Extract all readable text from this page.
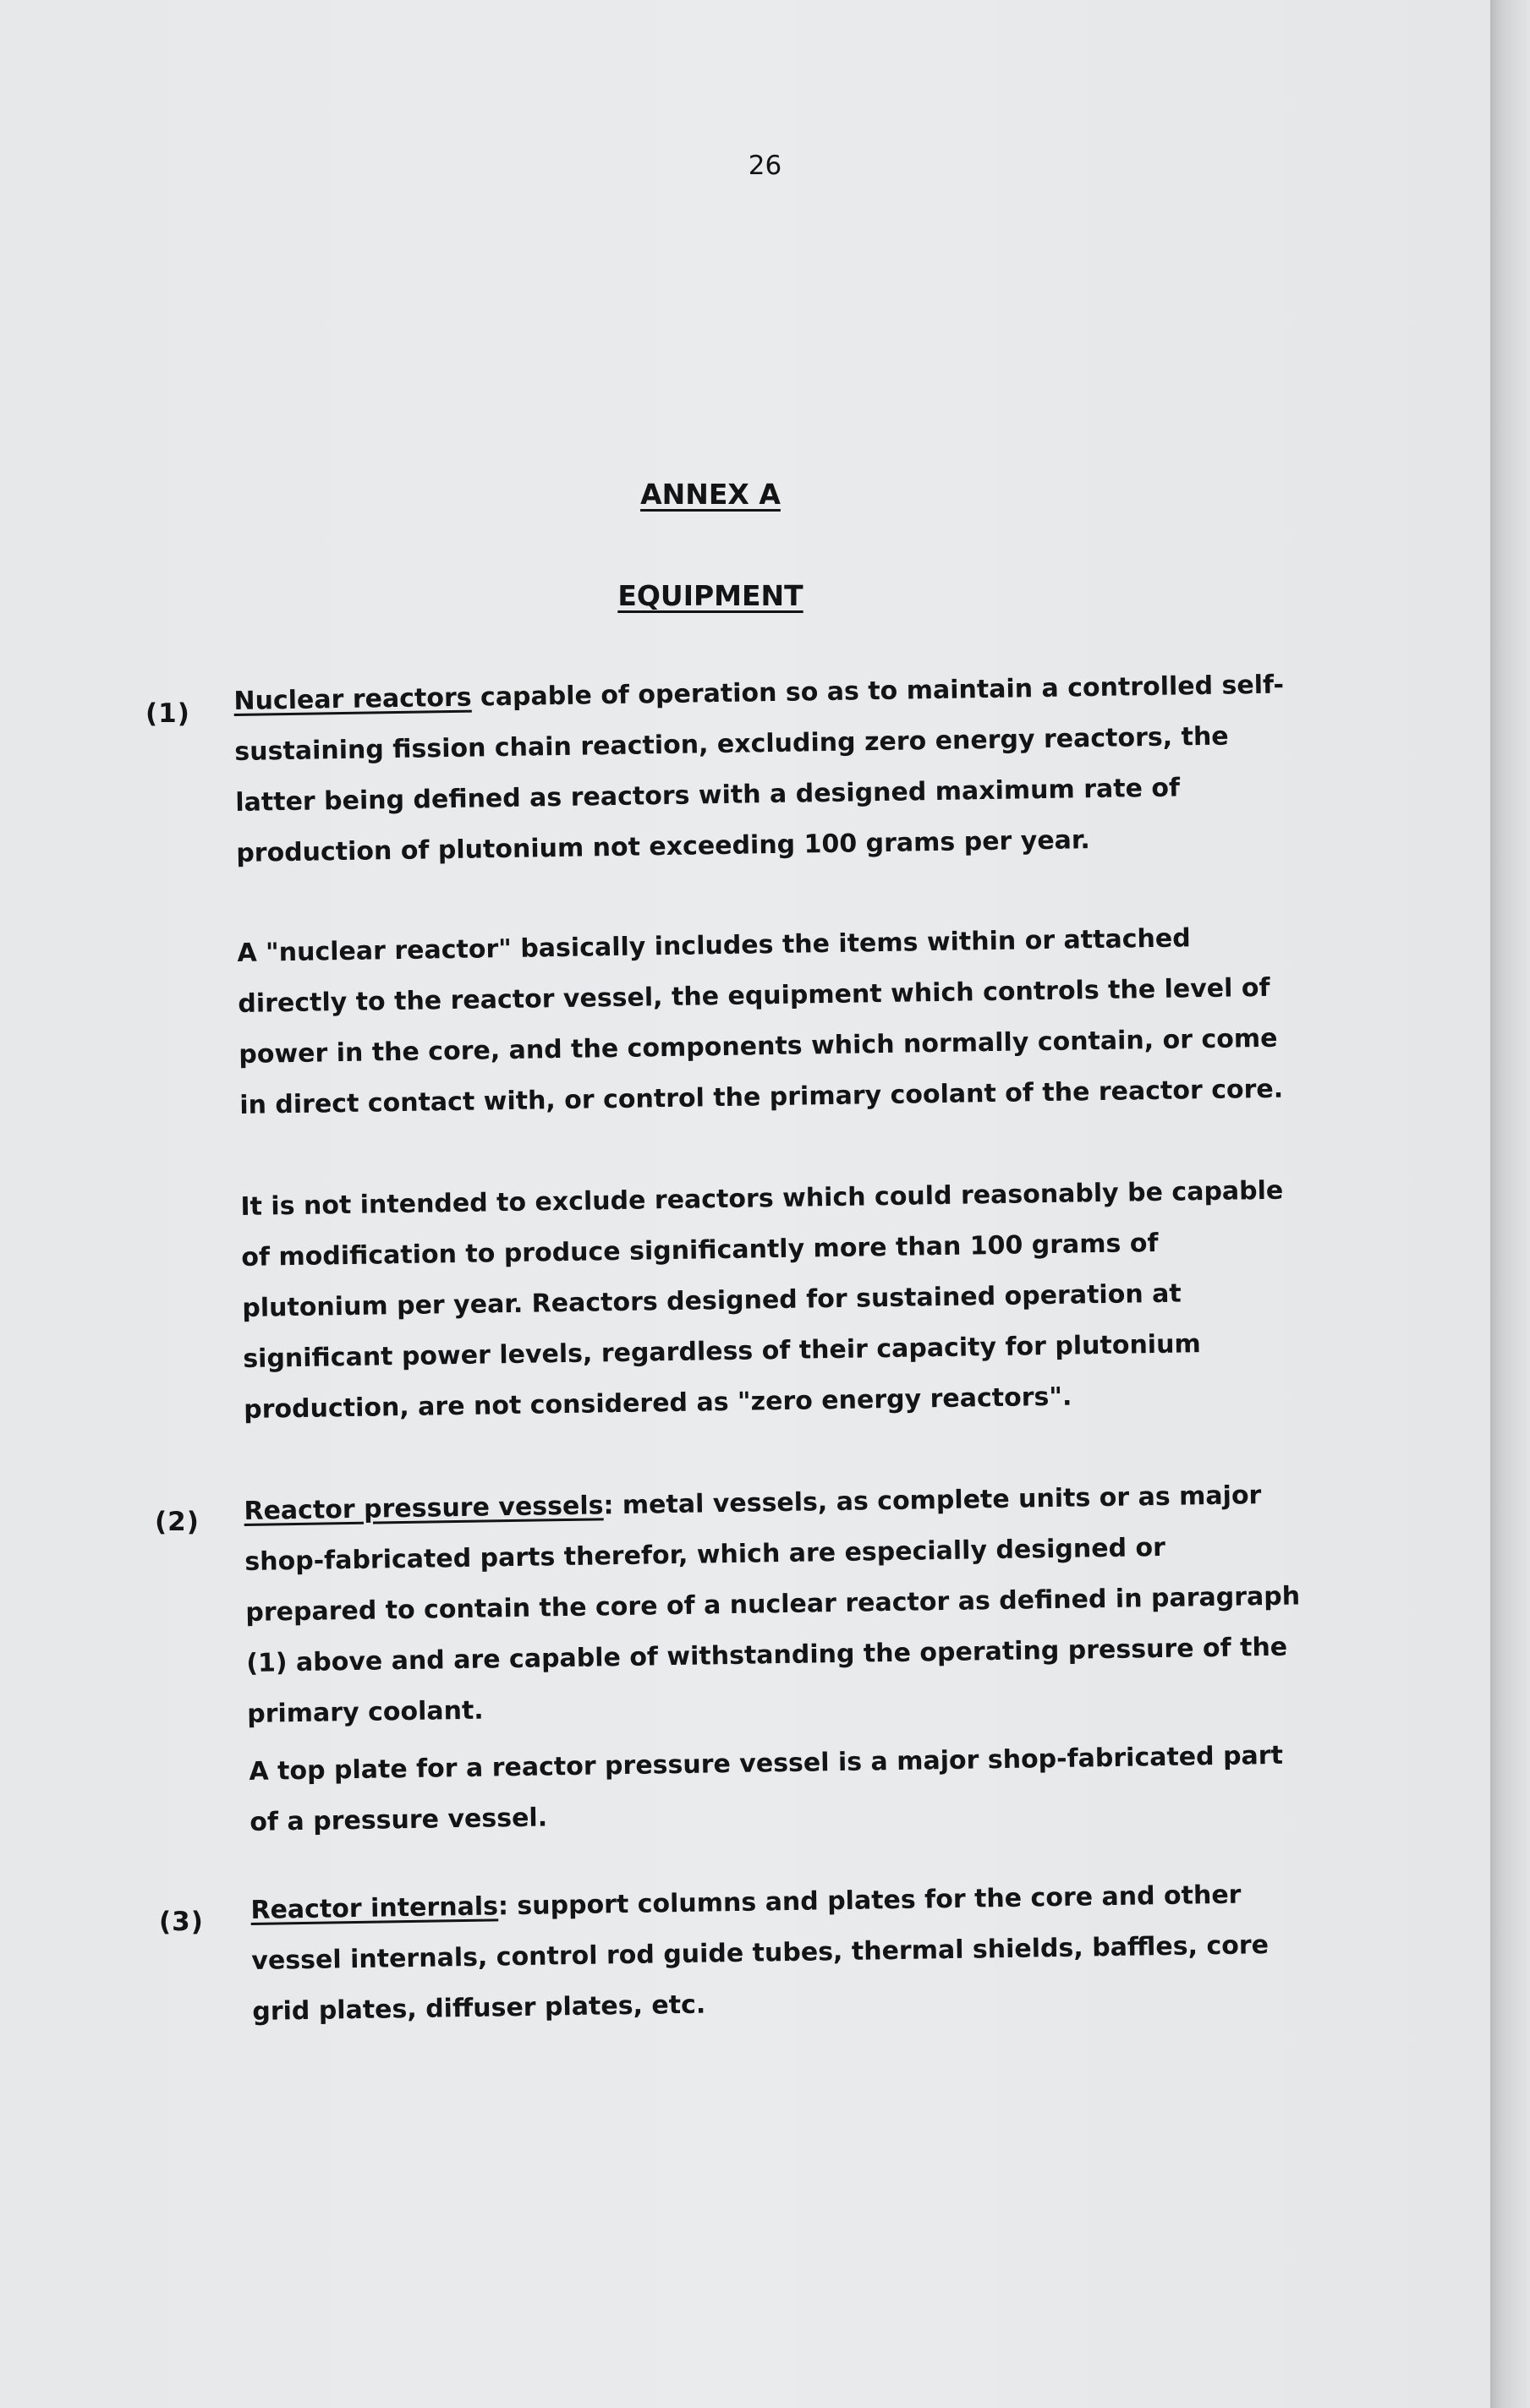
26
ANNEX A
EQUIPMENT
(1) Nuclear reactors capable of operation so as to maintain a controlled self-sustaining fission chain reaction, excluding zero energy reactors, the latter being defined as reactors with a designed maximum rate of production of plutonium not exceeding 100 grams per year.
A "nuclear reactor" basically includes the items within or attached directly to the reactor vessel, the equipment which controls the level of power in the core, and the components which normally contain, or come in direct contact with, or control the primary coolant of the reactor core.
It is not intended to exclude reactors which could reasonably be capable of modification to produce significantly more than 100 grams of plutonium per year. Reactors designed for sustained operation at significant power levels, regardless of their capacity for plutonium production, are not considered as "zero energy reactors".
(2) Reactor pressure vessels: metal vessels, as complete units or as major shop-fabricated parts therefor, which are especially designed or prepared to contain the core of a nuclear reactor as defined in paragraph (1) above and are capable of withstanding the operating pressure of the primary coolant.
A top plate for a reactor pressure vessel is a major shop-fabricated part of a pressure vessel.
(3) Reactor internals: support columns and plates for the core and other vessel internals, control rod guide tubes, thermal shields, baffles, core grid plates, diffuser plates, etc.
